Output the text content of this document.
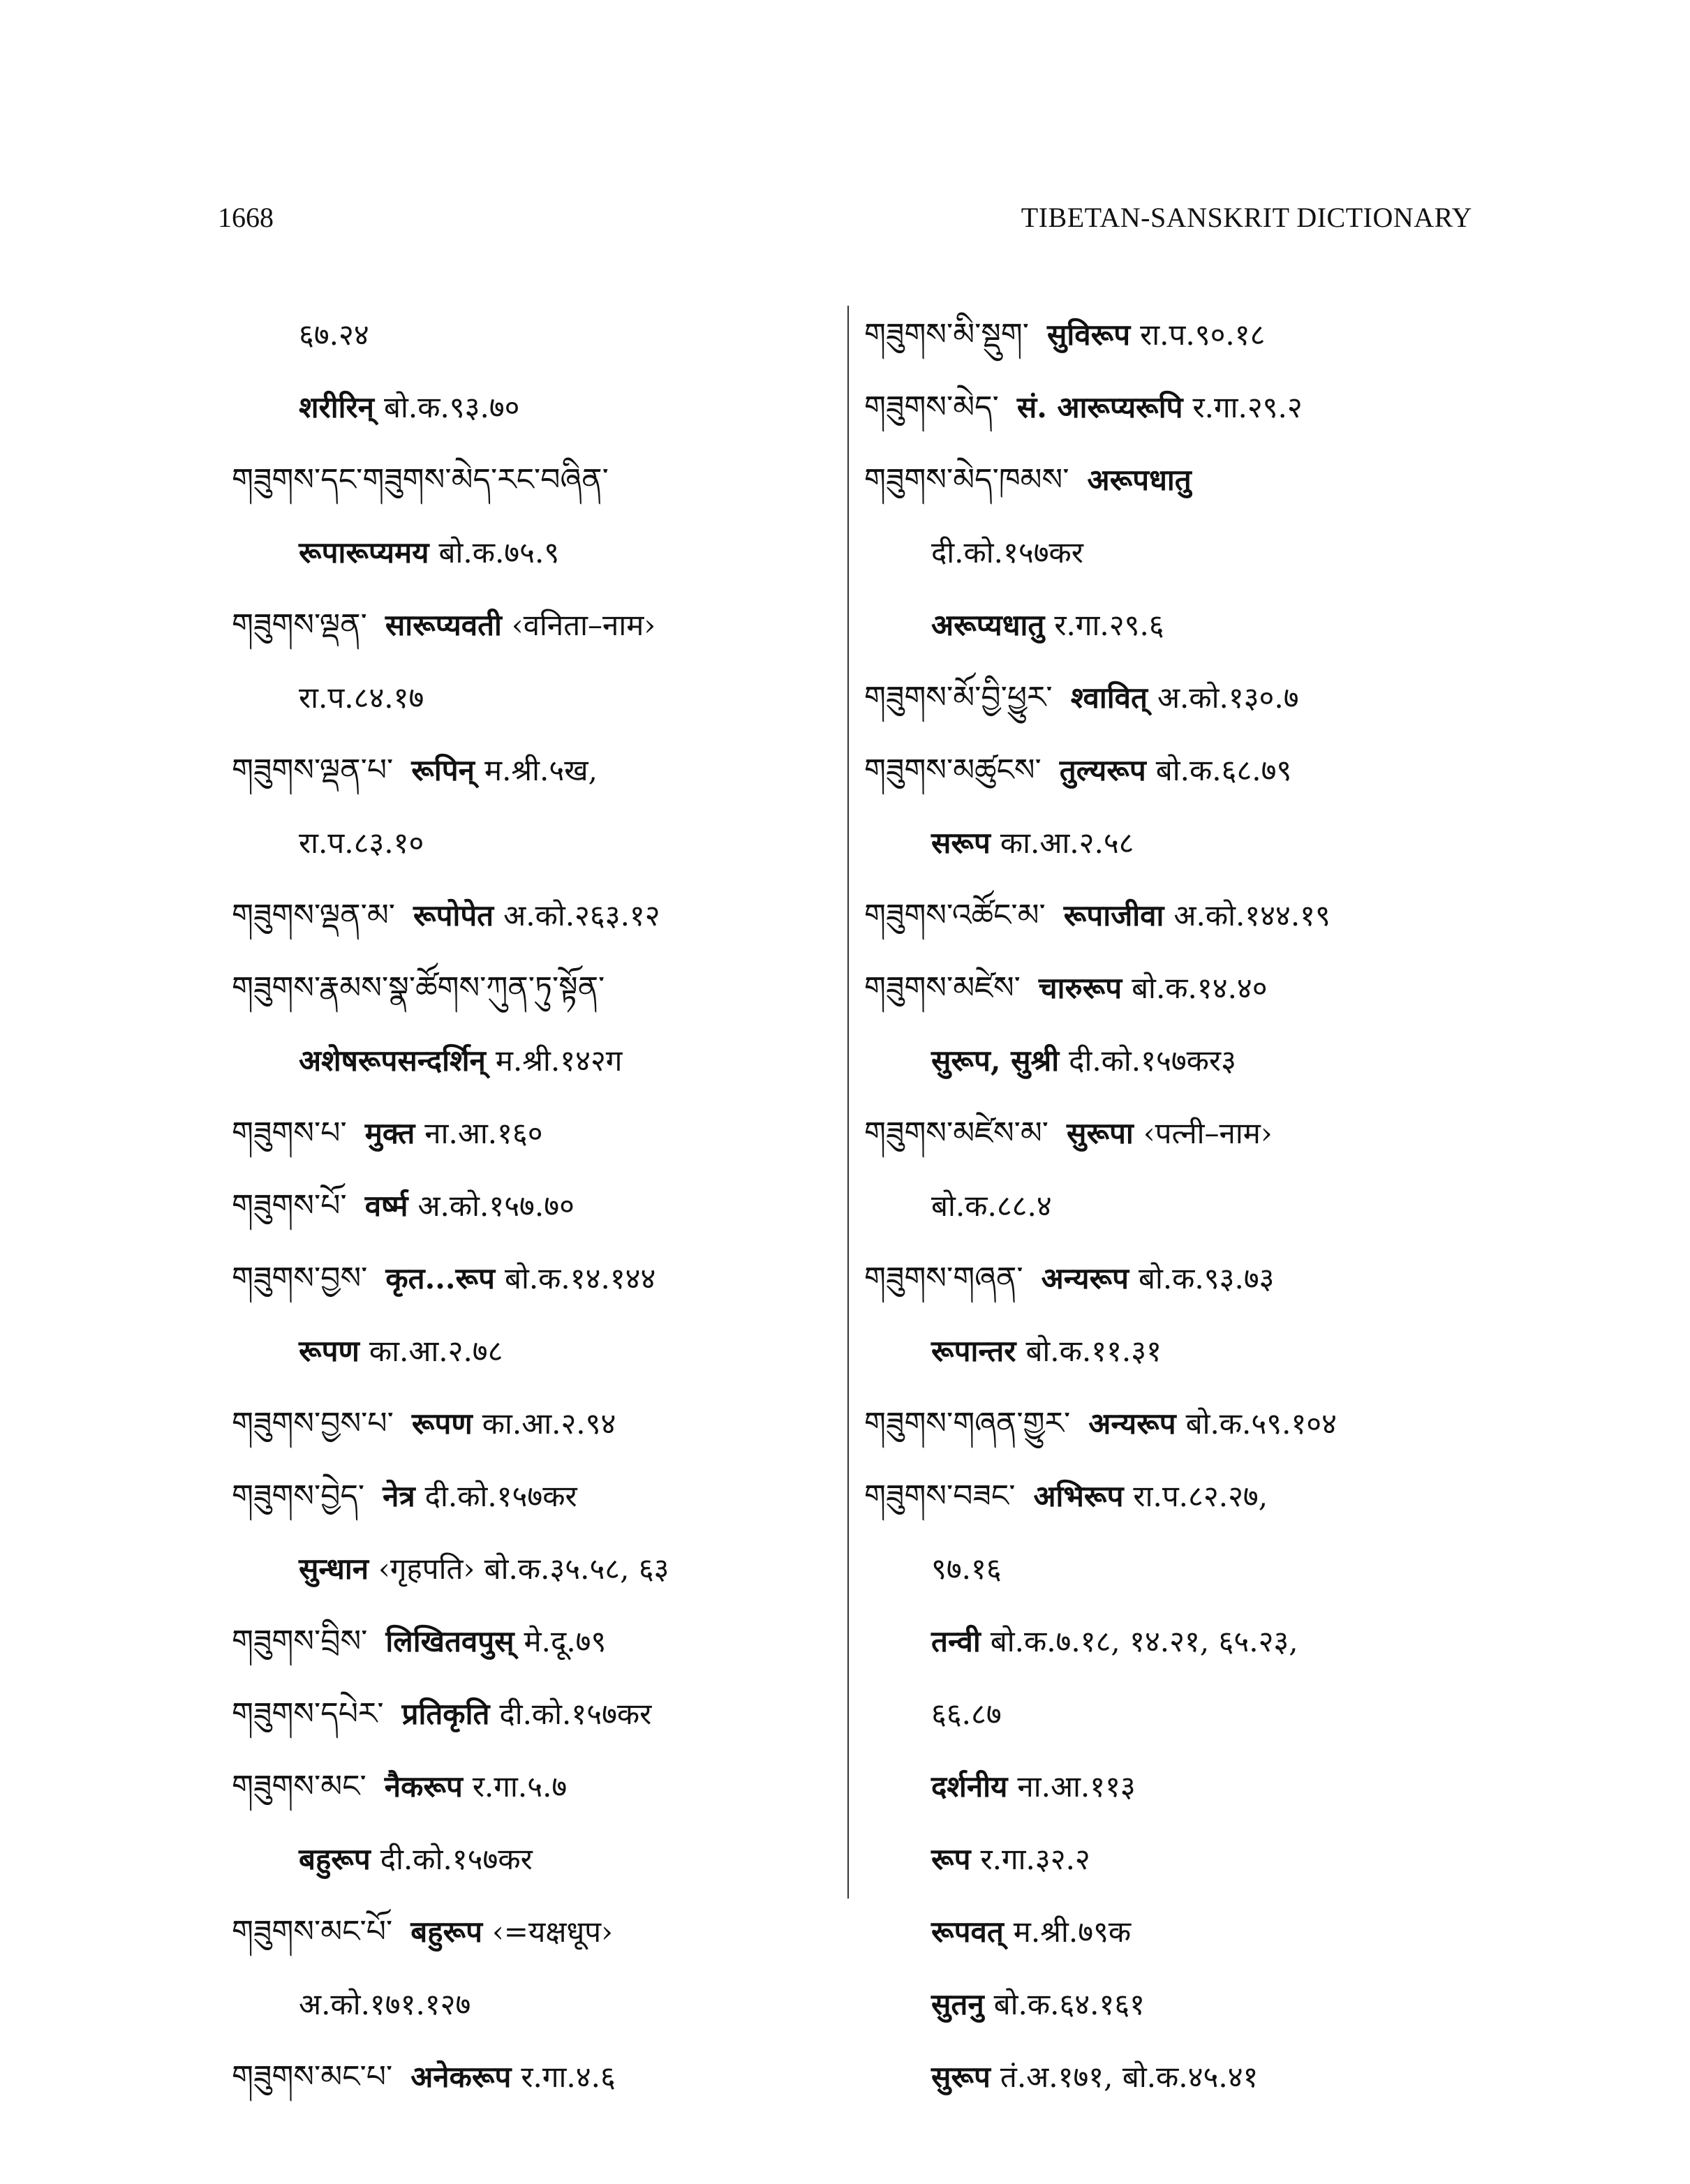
1668	TIBETAN-SANSKRIT DICTIONARY
६७.२४
शरीरिन् बो.क.९३.७०
གཟུགས་དང་གཟུགས་མེད་རང་བཞིན་
रूपारूप्यमय बो.क.७५.९
གཟུགས་ལྡན་ सारूप्यवती ‹वनिता–नाम›
रा.प.८४.१७
གཟུགས་ལྡན་པ་ रूपिन् म.श्री.५ख,
रा.प.८३.१०
གཟུགས་ལྡན་མ་ रूपोपेत अ.को.२६३.१२
གཟུགས་རྣམས་སྣ་ཚོགས་ཀུན་ཏུ་སྟོན་
अशेषरूपसन्दर्शिन् म.श्री.१४२ग
གཟུགས་པ་ मुक्त ना.आ.१६०
གཟུགས་པོ་ वर्ष्म अ.को.१५७.७०
གཟུགས་བྱས་ कृत...रूप बो.क.१४.१४४
रूपण का.आ.२.७८
གཟུགས་བྱས་པ་ रूपण का.आ.२.९४
གཟུགས་བྱེད་ नेत्र दी.को.१५७कर
सुन्धान ‹गृहपति› बो.क.३५.५८, ६३
གཟུགས་བྲིས་ लिखितवपुस् मे.दू.७९
གཟུགས་དཔེར་ प्रतिकृति दी.को.१५७कर
གཟུགས་མང་ नैकरूप र.गा.५.७
बहुरूप दी.को.१५७कर
གཟུགས་མང་པོ་ बहुरूप ‹=यक्षधूप›
अ.को.१७१.१२७
གཟུགས་མང་པ་ अनेकरूप र.गा.४.६
གཟུགས་མི་སྡུག་ सुविरूप रा.प.९०.१८
གཟུགས་མེད་ सं. आरूप्यरूपि र.गा.२९.२
གཟུགས་མེད་ཁམས་ अरूपधातु
दी.को.१५७कर
अरूप्यधातु र.गा.२९.६
གཟུགས་མོ་བྱི་ཕྱུར་ श्वावित् अ.को.१३०.७
གཟུགས་མཚུངས་ तुल्यरूप बो.क.६८.७९
सरूप का.आ.२.५८
གཟུགས་འཚོང་མ་ रूपाजीवा अ.को.१४४.१९
གཟུགས་མཛེས་ चारुरूप बो.क.१४.४०
सुरूप, सुश्री दी.को.१५७कर३
གཟུགས་མཛེས་མ་ सुरूपा ‹पत्नी–नाम›
बो.क.८८.४
གཟུགས་གཞན་ अन्यरूप बो.क.९३.७३
रूपान्तर बो.क.११.३१
གཟུགས་གཞན་གྱུར་ अन्यरूप बो.क.५९.१०४
གཟུགས་བཟང་ अभिरूप रा.प.८२.२७,
९७.१६
तन्वी बो.क.७.१८, १४.२१, ६५.२३,
६६.८७
दर्शनीय ना.आ.११३
रूप र.गा.३२.२
रूपवत् म.श्री.७९क
सुतनु बो.क.६४.१६१
सुरूप तं.अ.१७१, बो.क.४५.४१
